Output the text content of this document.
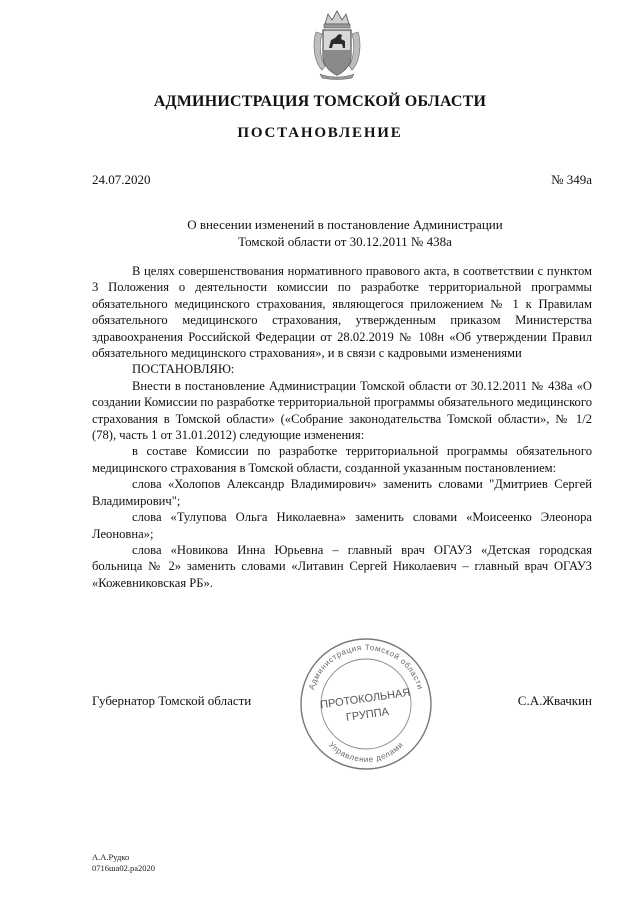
АДМИНИСТРАЦИЯ ТОМСКОЙ ОБЛАСТИ
ПОСТАНОВЛЕНИЕ
24.07.2020	№ 349а
О внесении изменений в постановление Администрации
Томской области от 30.12.2011 № 438а

В целях совершенствования нормативного правового акта, в соответствии с пунктом 3 Положения о деятельности комиссии по разработке территориальной программы обязательного медицинского страхования, являющегося приложением № 1 к Правилам обязательного медицинского страхования, утвержденным приказом Министерства здравоохранения Российской Федерации от 28.02.2019 № 108н «Об утверждении Правил обязательного медицинского страхования», и в связи с кадровыми изменениями

ПОСТАНОВЛЯЮ:

Внести в постановление Администрации Томской области от 30.12.2011 № 438а «О создании Комиссии по разработке территориальной программы обязательного медицинского страхования в Томской области» («Собрание законодательства Томской области», № 1/2 (78), часть 1 от 31.01.2012) следующие изменения:

в составе Комиссии по разработке территориальной программы обязательного медицинского страхования в Томской области, созданной указанным постановлением:

слова «Холопов Александр Владимирович» заменить словами "Дмитриев Сергей Владимирович";

слова «Тулупова Ольга Николаевна» заменить словами «Моисеенко Элеонора Леоновна»;

слова «Новикова Инна Юрьевна – главный врач ОГАУЗ «Детская городская больница № 2» заменить словами «Литавин Сергей Николаевич – главный врач ОГАУЗ «Кожевниковская РБ».

Губернатор Томской области	С.А.Жвачкин
Администрация Томской области
Управление делами
ПРОТОКОЛЬНАЯ
ГРУППА
А.А.Рудко
0716ша02.ра2020
